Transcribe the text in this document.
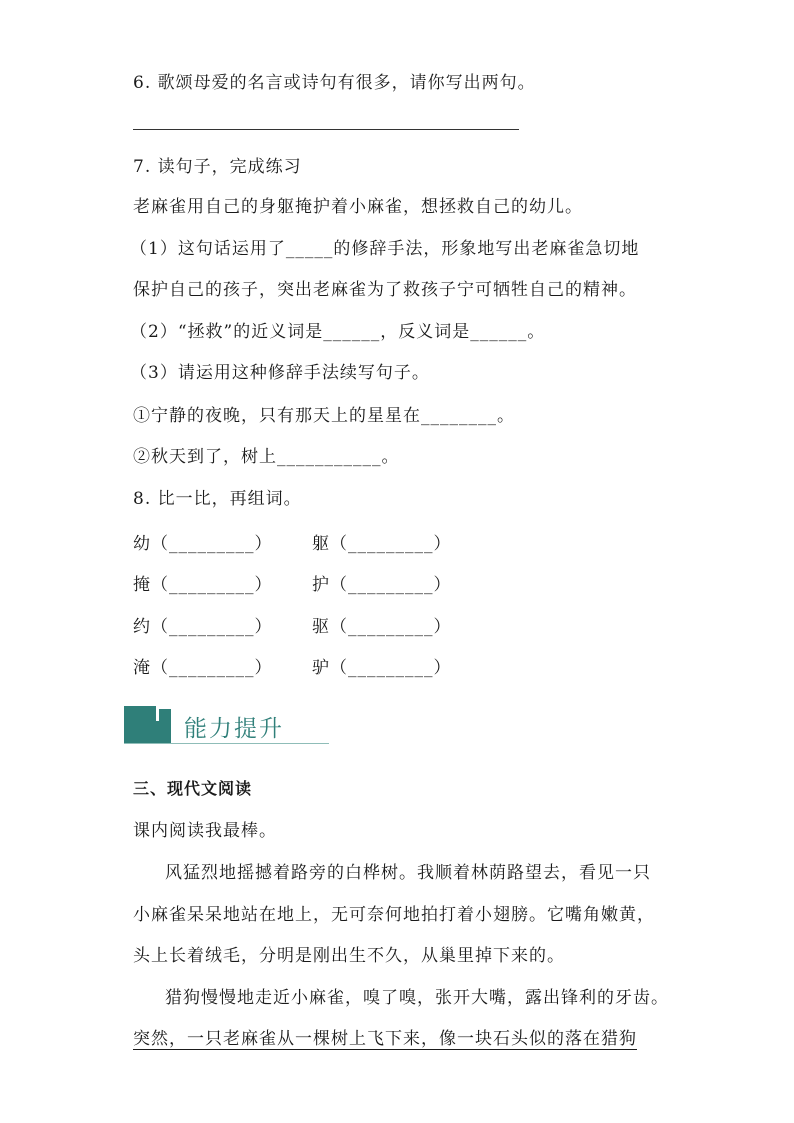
6. 歌颂母爱的名言或诗句有很多，请你写出两句。
7. 读句子，完成练习
老麻雀用自己的身躯掩护着小麻雀，想拯救自己的幼儿。
（1）这句话运用了_____的修辞手法，形象地写出老麻雀急切地
保护自己的孩子，突出老麻雀为了救孩子宁可牺牲自己的精神。
（2）“拯救”的近义词是______，反义词是______。
（3）请运用这种修辞手法续写句子。
①宁静的夜晚，只有那天上的星星在________。
②秋天到了，树上___________。
8. 比一比，再组词。
幼（_________） 躯（_________）
掩（_________） 护（_________）
约（_________） 驱（_________）
淹（_________） 驴（_________）
能力提升
三、现代文阅读
课内阅读我最棒。
风猛烈地摇撼着路旁的白桦树。我顺着林荫路望去，看见一只
小麻雀呆呆地站在地上，无可奈何地拍打着小翅膀。它嘴角嫩黄，
头上长着绒毛，分明是刚出生不久，从巢里掉下来的。
猎狗慢慢地走近小麻雀，嗅了嗅，张开大嘴，露出锋利的牙齿。
突然，一只老麻雀从一棵树上飞下来，像一块石头似的落在猎狗
